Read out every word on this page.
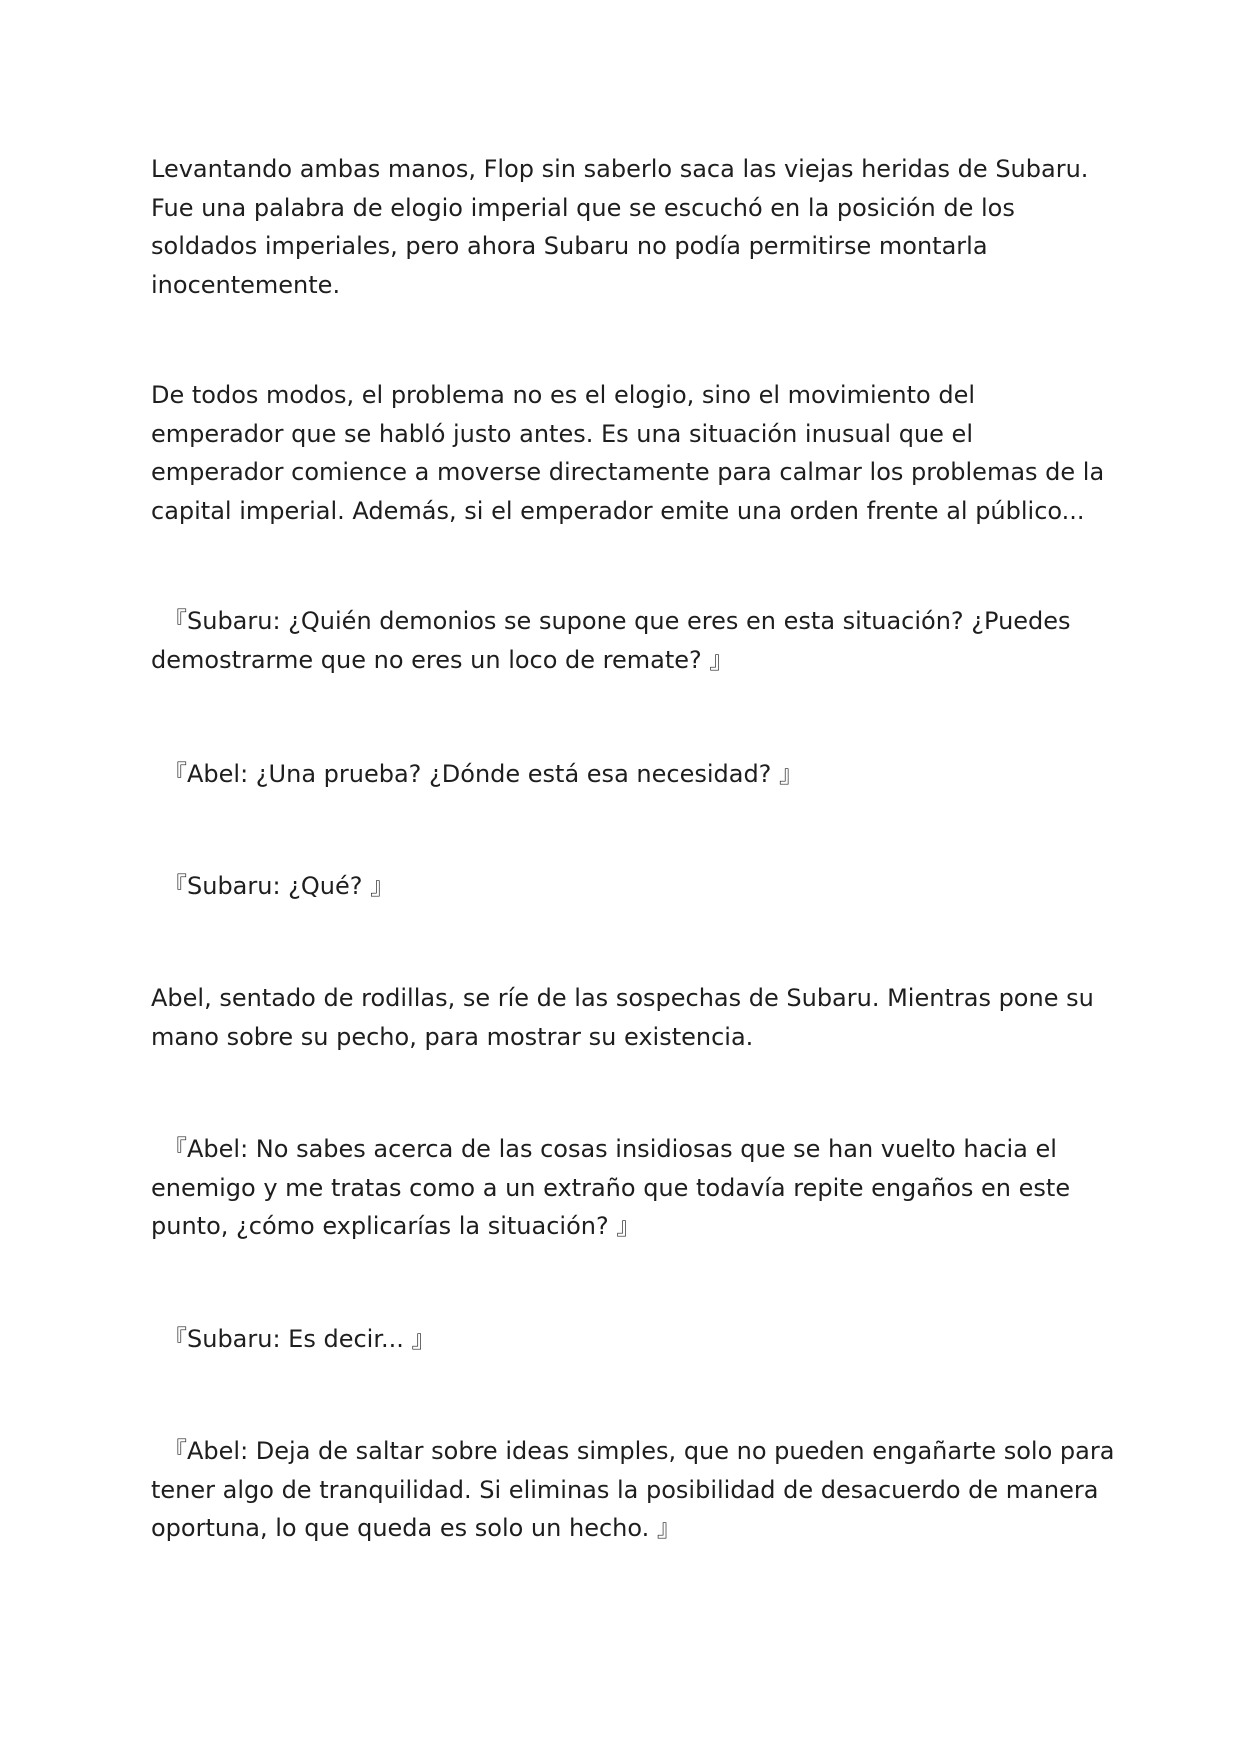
Levantando ambas manos, Flop sin saberlo saca las viejas heridas de Subaru.
Fue una palabra de elogio imperial que se escuchó en la posición de los
soldados imperiales, pero ahora Subaru no podía permitirse montarla
inocentemente.

De todos modos, el problema no es el elogio, sino el movimiento del
emperador que se habló justo antes. Es una situación inusual que el
emperador comience a moverse directamente para calmar los problemas de la
capital imperial. Además, si el emperador emite una orden frente al público...

　『Subaru: ¿Quién demonios se supone que eres en esta situación? ¿Puedes
demostrarme que no eres un loco de remate? 』

　『Abel: ¿Una prueba? ¿Dónde está esa necesidad? 』

　『Subaru: ¿Qué? 』

Abel, sentado de rodillas, se ríe de las sospechas de Subaru. Mientras pone su
mano sobre su pecho, para mostrar su existencia.

　『Abel: No sabes acerca de las cosas insidiosas que se han vuelto hacia el
enemigo y me tratas como a un extraño que todavía repite engaños en este
punto, ¿cómo explicarías la situación? 』

　『Subaru: Es decir... 』

　『Abel: Deja de saltar sobre ideas simples, que no pueden engañarte solo para
tener algo de tranquilidad. Si eliminas la posibilidad de desacuerdo de manera
oportuna, lo que queda es solo un hecho. 』
